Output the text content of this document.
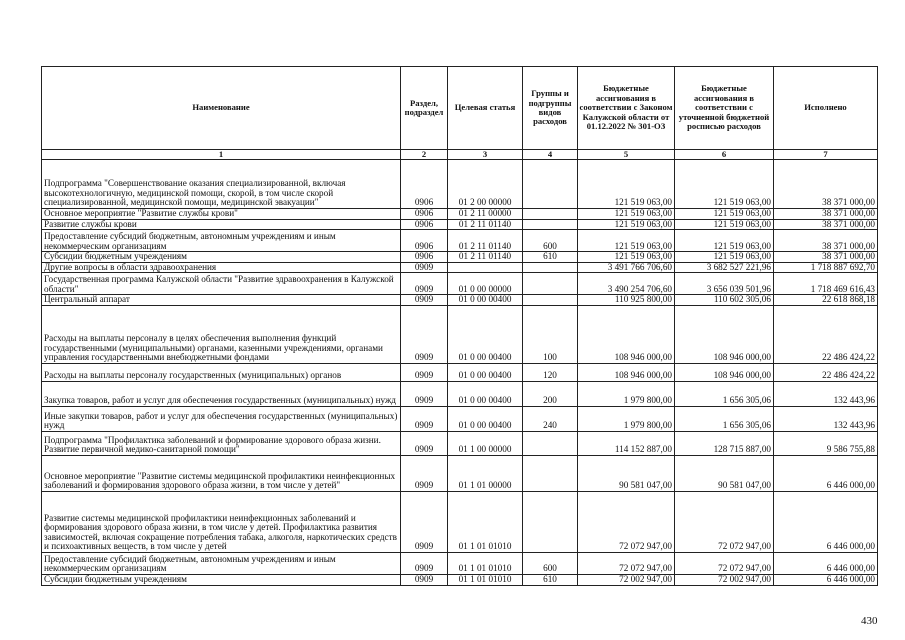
Наименование	Раздел, подраздел	Целевая статья	Группы и подгруппы видов расходов	Бюджетные ассигнования в соответствии с Законом Калужской области от 01.12.2022 № 301-ОЗ	Бюджетные ассигнования в соответствии с уточненной бюджетной росписью расходов	Исполнено
1	2	3	4	5	6	7
Подпрограмма "Совершенствование оказания специализированной, включая высокотехнологичную, медицинской помощи, скорой, в том числе скорой специализированной, медицинской помощи, медицинской эвакуации"	0906	01 2 00 00000		121 519 063,00	121 519 063,00	38 371 000,00
Основное мероприятие "Развитие службы крови"	0906	01 2 11 00000		121 519 063,00	121 519 063,00	38 371 000,00
Развитие службы крови	0906	01 2 11 01140		121 519 063,00	121 519 063,00	38 371 000,00
Предоставление субсидий бюджетным, автономным учреждениям и иным некоммерческим организациям	0906	01 2 11 01140	600	121 519 063,00	121 519 063,00	38 371 000,00
Субсидии бюджетным учреждениям	0906	01 2 11 01140	610	121 519 063,00	121 519 063,00	38 371 000,00
Другие вопросы в области здравоохранения	0909			3 491 766 706,60	3 682 527 221,96	1 718 887 692,70
Государственная программа Калужской области "Развитие здравоохранения в Калужской области"	0909	01 0 00 00000		3 490 254 706,60	3 656 039 501,96	1 718 469 616,43
Центральный аппарат	0909	01 0 00 00400		110 925 800,00	110 602 305,06	22 618 868,18
Расходы на выплаты персоналу в целях обеспечения выполнения функций государственными (муниципальными) органами, казенными учреждениями, органами управления государственными внебюджетными фондами	0909	01 0 00 00400	100	108 946 000,00	108 946 000,00	22 486 424,22
Расходы на выплаты персоналу государственных (муниципальных) органов	0909	01 0 00 00400	120	108 946 000,00	108 946 000,00	22 486 424,22
Закупка товаров, работ и услуг для обеспечения государственных (муниципальных) нужд	0909	01 0 00 00400	200	1 979 800,00	1 656 305,06	132 443,96
Иные закупки товаров, работ и услуг для обеспечения государственных (муниципальных) нужд	0909	01 0 00 00400	240	1 979 800,00	1 656 305,06	132 443,96
Подпрограмма "Профилактика заболеваний и формирование здорового образа жизни. Развитие первичной медико-санитарной помощи"	0909	01 1 00 00000		114 152 887,00	128 715 887,00	9 586 755,88
Основное мероприятие "Развитие системы медицинской профилактики неинфекционных заболеваний и формирования здорового образа жизни, в том числе у детей"	0909	01 1 01 00000		90 581 047,00	90 581 047,00	6 446 000,00
Развитие системы медицинской профилактики неинфекционных заболеваний и формирования здорового образа жизни, в том числе у детей. Профилактика развития зависимостей, включая сокращение потребления табака, алкоголя, наркотических средств и психоактивных веществ, в том числе у детей	0909	01 1 01 01010		72 072 947,00	72 072 947,00	6 446 000,00
Предоставление субсидий бюджетным, автономным учреждениям и иным некоммерческим организациям	0909	01 1 01 01010	600	72 072 947,00	72 072 947,00	6 446 000,00
Субсидии бюджетным учреждениям	0909	01 1 01 01010	610	72 002 947,00	72 002 947,00	6 446 000,00
430
